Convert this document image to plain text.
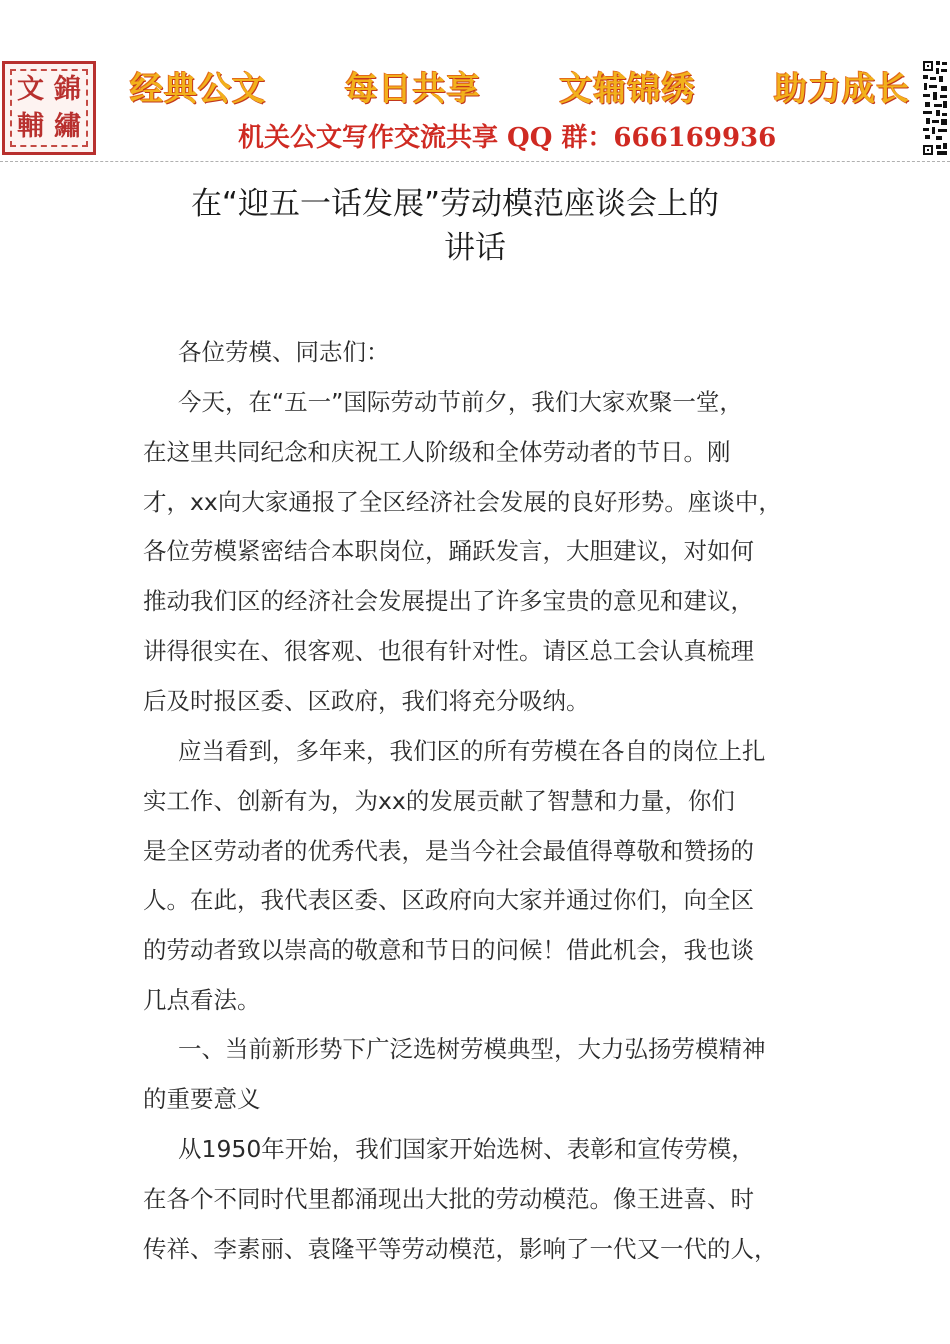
文 錦
輔 繡
经典公文 每日共享 文辅锦绣 助力成长
机关公文写作交流共享 QQ 群：666169936
在“迎五一话发展”劳动模范座谈会上的
讲话
各位劳模、同志们：
今天，在“五一”国际劳动节前夕，我们大家欢聚一堂，
在这里共同纪念和庆祝工人阶级和全体劳动者的节日。刚
才，xx向大家通报了全区经济社会发展的良好形势。座谈中，
各位劳模紧密结合本职岗位，踊跃发言，大胆建议，对如何
推动我们区的经济社会发展提出了许多宝贵的意见和建议，
讲得很实在、很客观、也很有针对性。请区总工会认真梳理
后及时报区委、区政府，我们将充分吸纳。
应当看到，多年来，我们区的所有劳模在各自的岗位上扎
实工作、创新有为，为xx的发展贡献了智慧和力量，你们
是全区劳动者的优秀代表，是当今社会最值得尊敬和赞扬的
人。在此，我代表区委、区政府向大家并通过你们，向全区
的劳动者致以崇高的敬意和节日的问候！借此机会，我也谈
几点看法。
一、当前新形势下广泛选树劳模典型，大力弘扬劳模精神
的重要意义
从1950年开始，我们国家开始选树、表彰和宣传劳模，
在各个不同时代里都涌现出大批的劳动模范。像王进喜、时
传祥、李素丽、袁隆平等劳动模范，影响了一代又一代的人，
